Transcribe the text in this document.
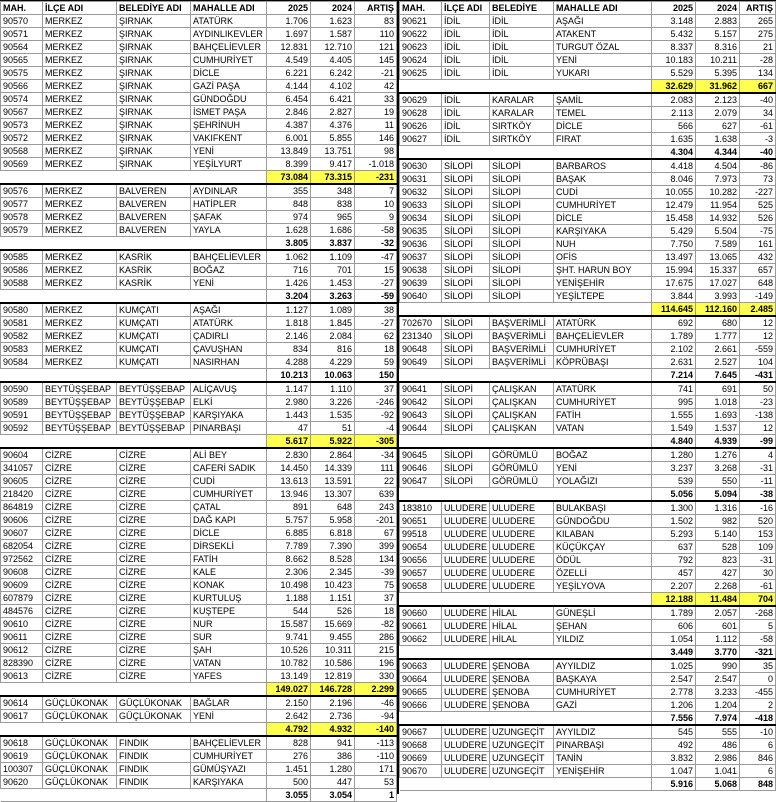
MAH.	İLÇE ADI	BELEDİYE ADI	MAHALLE ADI	2025	2024	ARTIŞ
90570	MERKEZ	ŞIRNAK	ATATÜRK	1.706	1.623	83
90571	MERKEZ	ŞIRNAK	AYDINLIKEVLER	1.697	1.587	110
90564	MERKEZ	ŞIRNAK	BAHÇELİEVLER	12.831	12.710	121
90565	MERKEZ	ŞIRNAK	CUMHURİYET	4.549	4.405	145
90575	MERKEZ	ŞIRNAK	DİCLE	6.221	6.242	-21
90566	MERKEZ	ŞIRNAK	GAZİ PAŞA	4.144	4.102	42
90574	MERKEZ	ŞIRNAK	GÜNDOĞDU	6.454	6.421	33
90567	MERKEZ	ŞIRNAK	İSMET PAŞA	2.846	2.827	19
90573	MERKEZ	ŞIRNAK	ŞEHRİNUH	4.387	4.376	11
90572	MERKEZ	ŞIRNAK	VAKIFKENT	6.001	5.855	146
90568	MERKEZ	ŞIRNAK	YENİ	13.849	13.751	98
90569	MERKEZ	ŞIRNAK	YEŞİLYURT	8.399	9.417	-1.018
				73.084	73.315	-231
90576	MERKEZ	BALVEREN	AYDINLAR	355	348	7
90577	MERKEZ	BALVEREN	HATİPLER	848	838	10
90578	MERKEZ	BALVEREN	ŞAFAK	974	965	9
90579	MERKEZ	BALVEREN	YAYLA	1.628	1.686	-58
				3.805	3.837	-32
90585	MERKEZ	KASRİK	BAHÇELİEVLER	1.062	1.109	-47
90586	MERKEZ	KASRİK	BOĞAZ	716	701	15
90588	MERKEZ	KASRİK	YENİ	1.426	1.453	-27
				3.204	3.263	-59
90580	MERKEZ	KUMÇATI	AŞAĞI	1.127	1.089	38
90581	MERKEZ	KUMÇATI	ATATÜRK	1.818	1.845	-27
90582	MERKEZ	KUMÇATI	ÇADIRLI	2.146	2.084	62
90583	MERKEZ	KUMÇATI	ÇAVUŞHAN	834	816	18
90584	MERKEZ	KUMÇATI	NASIRHAN	4.288	4.229	59
				10.213	10.063	150
90590	BEYTÜŞŞEBAP	BEYTÜŞŞEBAP	ALİÇAVUŞ	1.147	1.110	37
90589	BEYTÜŞŞEBAP	BEYTÜŞŞEBAP	ELKİ	2.980	3.226	-246
90591	BEYTÜŞŞEBAP	BEYTÜŞŞEBAP	KARŞIYAKA	1.443	1.535	-92
90592	BEYTÜŞŞEBAP	BEYTÜŞŞEBAP	PINARBAŞI	47	51	-4
				5.617	5.922	-305
90604	CİZRE	CİZRE	ALİ BEY	2.830	2.864	-34
341057	CİZRE	CİZRE	CAFERİ SADIK	14.450	14.339	111
90605	CİZRE	CİZRE	CUDİ	13.613	13.591	22
218420	CİZRE	CİZRE	CUMHURİYET	13.946	13.307	639
864819	CİZRE	CİZRE	ÇATAL	891	648	243
90606	CİZRE	CİZRE	DAĞ KAPI	5.757	5.958	-201
90607	CİZRE	CİZRE	DİCLE	6.885	6.818	67
682054	CİZRE	CİZRE	DİRSEKLİ	7.789	7.390	399
972562	CİZRE	CİZRE	FATİH	8.662	8.528	134
90608	CİZRE	CİZRE	KALE	2.306	2.345	-39
90609	CİZRE	CİZRE	KONAK	10.498	10.423	75
607879	CİZRE	CİZRE	KURTULUŞ	1.188	1.151	37
484576	CİZRE	CİZRE	KUŞTEPE	544	526	18
90610	CİZRE	CİZRE	NUR	15.587	15.669	-82
90611	CİZRE	CİZRE	SUR	9.741	9.455	286
90612	CİZRE	CİZRE	ŞAH	10.526	10.311	215
828390	CİZRE	CİZRE	VATAN	10.782	10.586	196
90613	CİZRE	CİZRE	YAFES	13.149	12.819	330
				149.027	146.728	2.299
90614	GÜÇLÜKONAK	GÜÇLÜKONAK	BAĞLAR	2.150	2.196	-46
90617	GÜÇLÜKONAK	GÜÇLÜKONAK	YENİ	2.642	2.736	-94
				4.792	4.932	-140
90618	GÜÇLÜKONAK	FINDIK	BAHÇELİEVLER	828	941	-113
90619	GÜÇLÜKONAK	FINDIK	CUMHURİYET	276	386	-110
100307	GÜÇLÜKONAK	FINDIK	GÜMÜŞYAZI	1.451	1.280	171
90620	GÜÇLÜKONAK	FINDIK	KARŞIYAKA	500	447	53
				3.055	3.054	1
MAH.	İLÇE ADI	BELEDİYE	MAHALLE ADI	2025	2024	ARTIŞ
90621	İDİL	İDİL	AŞAĞI	3.148	2.883	265
90622	İDİL	İDİL	ATAKENT	5.432	5.157	275
90623	İDİL	İDİL	TURGUT ÖZAL	8.337	8.316	21
90624	İDİL	İDİL	YENİ	10.183	10.211	-28
90625	İDİL	İDİL	YUKARI	5.529	5.395	134
				32.629	31.962	667
90629	İDİL	KARALAR	ŞAMİL	2.083	2.123	-40
90628	İDİL	KARALAR	TEMEL	2.113	2.079	34
90626	İDİL	SIRTKÖY	DİCLE	566	627	-61
90627	İDİL	SIRTKÖY	FIRAT	1.635	1.638	-3
				4.304	4.344	-40
90630	SİLOPİ	SİLOPİ	BARBAROS	4.418	4.504	-86
90631	SİLOPİ	SİLOPİ	BAŞAK	8.046	7.973	73
90632	SİLOPİ	SİLOPİ	CUDİ	10.055	10.282	-227
90633	SİLOPİ	SİLOPİ	CUMHURİYET	12.479	11.954	525
90634	SİLOPİ	SİLOPİ	DİCLE	15.458	14.932	526
90635	SİLOPİ	SİLOPİ	KARŞIYAKA	5.429	5.504	-75
90636	SİLOPİ	SİLOPİ	NUH	7.750	7.589	161
90637	SİLOPİ	SİLOPİ	OFİS	13.497	13.065	432
90638	SİLOPİ	SİLOPİ	ŞHT. HARUN BOY	15.994	15.337	657
90639	SİLOPİ	SİLOPİ	YENİŞEHİR	17.675	17.027	648
90640	SİLOPİ	SİLOPİ	YEŞİLTEPE	3.844	3.993	-149
				114.645	112.160	2.485
702670	SİLOPİ	BAŞVERİMLİ	ATATÜRK	692	680	12
231340	SİLOPİ	BAŞVERİMLİ	BAHÇELİEVLER	1.789	1.777	12
90648	SİLOPİ	BAŞVERİMLİ	CUMHURİYET	2.102	2.661	-559
90649	SİLOPİ	BAŞVERİMLİ	KÖPRÜBAŞI	2.631	2.527	104
				7.214	7.645	-431
90641	SİLOPİ	ÇALIŞKAN	ATATÜRK	741	691	50
90642	SİLOPİ	ÇALIŞKAN	CUMHURİYET	995	1.018	-23
90643	SİLOPİ	ÇALIŞKAN	FATİH	1.555	1.693	-138
90644	SİLOPİ	ÇALIŞKAN	VATAN	1.549	1.537	12
				4.840	4.939	-99
90645	SİLOPİ	GÖRÜMLÜ	BOĞAZ	1.280	1.276	4
90646	SİLOPİ	GÖRÜMLÜ	YENİ	3.237	3.268	-31
90647	SİLOPİ	GÖRÜMLÜ	YOLAĞIZI	539	550	-11
				5.056	5.094	-38
183810	ULUDERE	ULUDERE	BULAKBAŞI	1.300	1.316	-16
90651	ULUDERE	ULUDERE	GÜNDOĞDU	1.502	982	520
99518	ULUDERE	ULUDERE	KILABAN	5.293	5.140	153
90654	ULUDERE	ULUDERE	KÜÇÜKÇAY	637	528	109
90656	ULUDERE	ULUDERE	ÖDÜL	792	823	-31
90657	ULUDERE	ULUDERE	ÖZELLİ	457	427	30
90658	ULUDERE	ULUDERE	YEŞİLYOVA	2.207	2.268	-61
				12.188	11.484	704
90660	ULUDERE	HİLAL	GÜNEŞLİ	1.789	2.057	-268
90661	ULUDERE	HİLAL	ŞEHAN	606	601	5
90662	ULUDERE	HİLAL	YILDIZ	1.054	1.112	-58
				3.449	3.770	-321
90663	ULUDERE	ŞENOBA	AYYILDIZ	1.025	990	35
90664	ULUDERE	ŞENOBA	BAŞKAYA	2.547	2.547	0
90665	ULUDERE	ŞENOBA	CUMHURİYET	2.778	3.233	-455
90666	ULUDERE	ŞENOBA	GAZİ	1.206	1.204	2
				7.556	7.974	-418
90667	ULUDERE	UZUNGEÇİT	AYYILDIZ	545	555	-10
90668	ULUDERE	UZUNGEÇİT	PINARBAŞI	492	486	6
90669	ULUDERE	UZUNGEÇİT	TANİN	3.832	2.986	846
90670	ULUDERE	UZUNGEÇİT	YENİŞEHİR	1.047	1.041	6
				5.916	5.068	848
